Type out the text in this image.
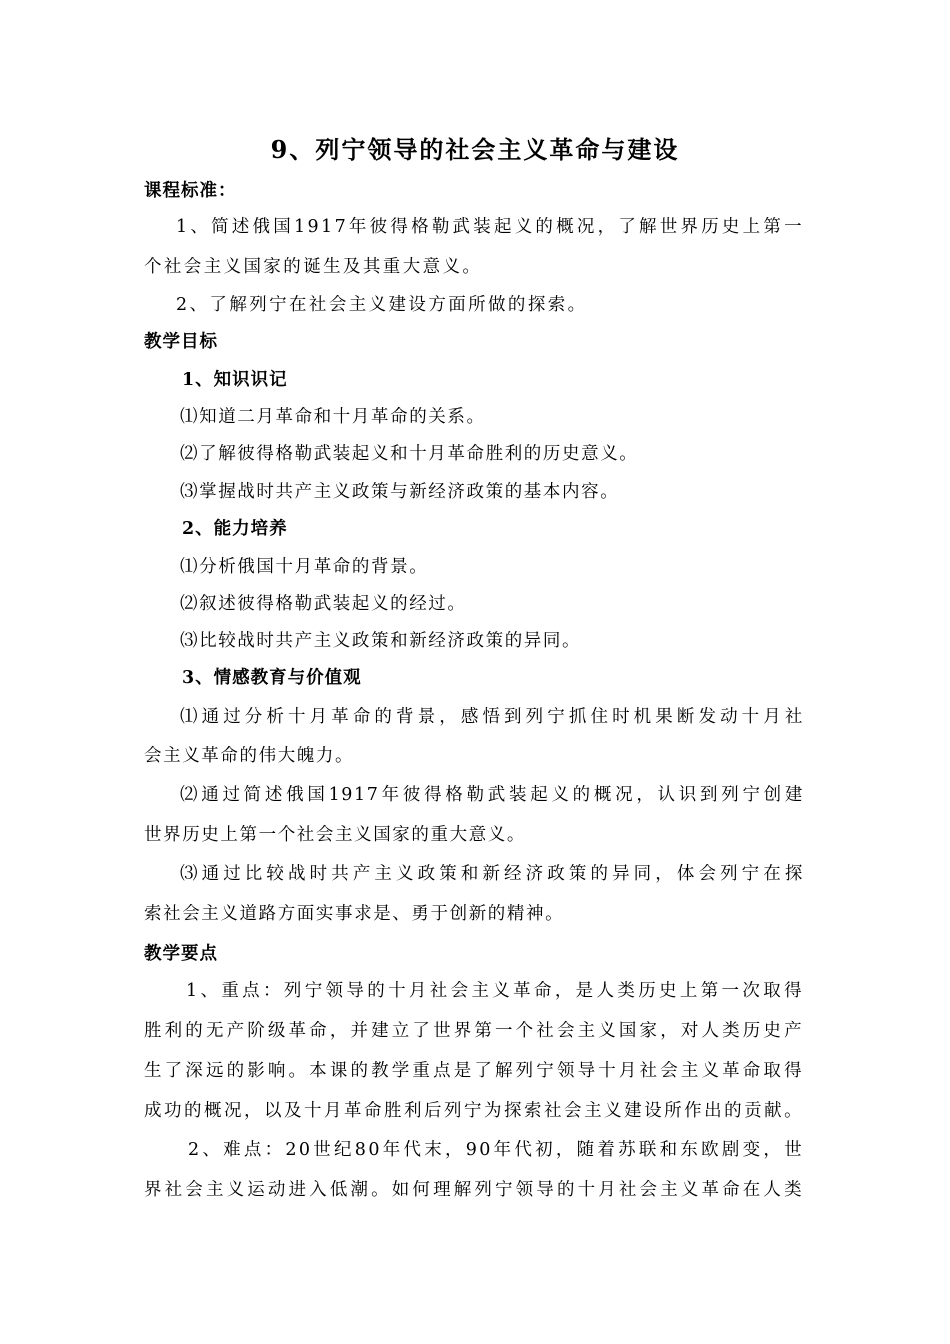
9、列宁领导的社会主义革命与建设

课程标准：

1、简述俄国1917年彼得格勒武装起义的概况，了解世界历史上第一

个社会主义国家的诞生及其重大意义。

2、了解列宁在社会主义建设方面所做的探索。

教学目标

1、知识识记

⑴知道二月革命和十月革命的关系。

⑵了解彼得格勒武装起义和十月革命胜利的历史意义。

⑶掌握战时共产主义政策与新经济政策的基本内容。

2、能力培养

⑴分析俄国十月革命的背景。

⑵叙述彼得格勒武装起义的经过。

⑶比较战时共产主义政策和新经济政策的异同。

3、情感教育与价值观

⑴通过分析十月革命的背景，感悟到列宁抓住时机果断发动十月社

会主义革命的伟大魄力。

⑵通过简述俄国1917年彼得格勒武装起义的概况，认识到列宁创建

世界历史上第一个社会主义国家的重大意义。

⑶通过比较战时共产主义政策和新经济政策的异同，体会列宁在探

索社会主义道路方面实事求是、勇于创新的精神。

教学要点

1、重点：列宁领导的十月社会主义革命，是人类历史上第一次取得

胜利的无产阶级革命，并建立了世界第一个社会主义国家，对人类历史产

生了深远的影响。本课的教学重点是了解列宁领导十月社会主义革命取得

成功的概况，以及十月革命胜利后列宁为探索社会主义建设所作出的贡献。

2、难点：20世纪80年代末，90年代初，随着苏联和东欧剧变，世

界社会主义运动进入低潮。如何理解列宁领导的十月社会主义革命在人类
